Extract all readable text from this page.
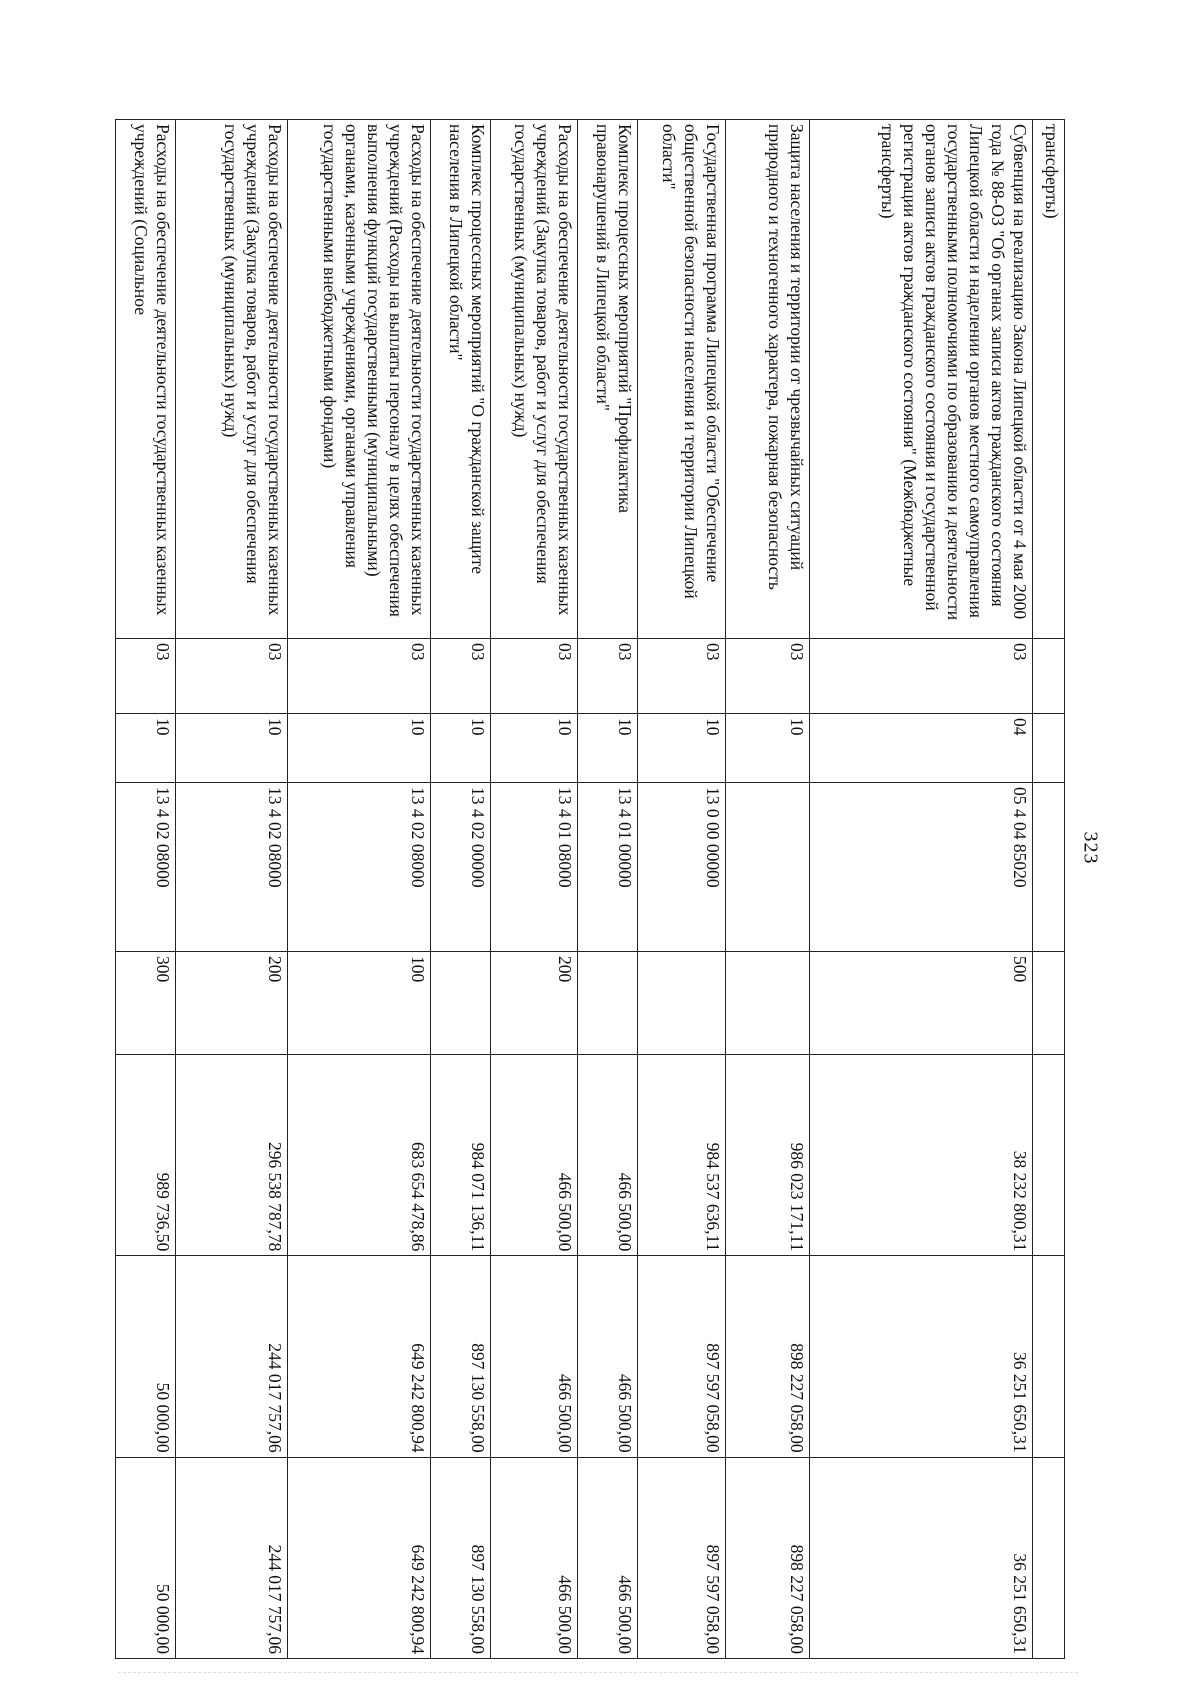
323
трансферты)							
Субвенция на реализацию Закона Липецкой области от 4 мая 2000 года № 88-ОЗ "Об органах записи актов гражданского состояния Липецкой области и наделении органов местного самоуправления государственными полномочиями по образованию и деятельности органов записи актов гражданского состояния и государственной регистрации актов гражданского состояния" (Межбюджетные трансферты)	03	04	05 4 04 85020	500	38 232 800,31	36 251 650,31	36 251 650,31
Защита населения и территории от чрезвычайных ситуаций природного и техногенного характера, пожарная безопасность	03	10			986 023 171,11	898 227 058,00	898 227 058,00
Государственная программа Липецкой области "Обеспечение общественной безопасности населения и территории Липецкой области"	03	10	13 0 00 00000		984 537 636,11	897 597 058,00	897 597 058,00
Комплекс процессных мероприятий "Профилактика правонарушений в Липецкой области"	03	10	13 4 01 00000		466 500,00	466 500,00	466 500,00
Расходы на обеспечение деятельности государственных казенных учреждений (Закупка товаров, работ и услуг для обеспечения государственных (муниципальных) нужд)	03	10	13 4 01 08000	200	466 500,00	466 500,00	466 500,00
Комплекс процессных мероприятий "О гражданской защите населения в Липецкой области"	03	10	13 4 02 00000		984 071 136,11	897 130 558,00	897 130 558,00
Расходы на обеспечение деятельности государственных казенных учреждений (Расходы на выплаты персоналу в целях обеспечения выполнения функций государственными (муниципальными) органами, казенными учреждениями, органами управления государственными внебюджетными фондами)	03	10	13 4 02 08000	100	683 654 478,86	649 242 800,94	649 242 800,94
Расходы на обеспечение деятельности государственных казенных учреждений (Закупка товаров, работ и услуг для обеспечения государственных (муниципальных) нужд)	03	10	13 4 02 08000	200	296 538 787,78	244 017 757,06	244 017 757,06
Расходы на обеспечение деятельности государственных казенных учреждений (Социальное	03	10	13 4 02 08000	300	989 736,50	50 000,00	50 000,00
